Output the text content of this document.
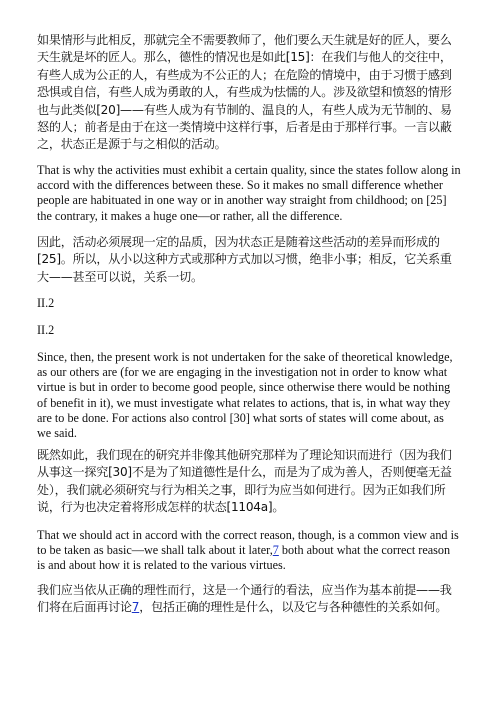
如果情形与此相反，那就完全不需要教师了，他们要么天生就是好的匠人，要么天生就是坏的匠人。那么，德性的情况也是如此[15]：在我们与他人的交往中，有些人成为公正的人，有些成为不公正的人；在危险的情境中，由于习惯于感到恐惧或自信，有些人成为勇敢的人，有些成为怯懦的人。涉及欲望和愤怒的情形也与此类似[20]——有些人成为有节制的、温良的人，有些人成为无节制的、易怒的人；前者是由于在这一类情境中这样行事，后者是由于那样行事。一言以蔽之，状态正是源于与之相似的活动。

That is why the activities must exhibit a certain quality, since the states follow along in accord with the differences between these. So it makes no small difference whether people are habituated in one way or in another way straight from childhood; on [25] the contrary, it makes a huge one—or rather, all the difference.

因此，活动必须展现一定的品质，因为状态正是随着这些活动的差异而形成的[25]。所以，从小以这种方式或那种方式加以习惯，绝非小事；相反，它关系重大——甚至可以说，关系一切。

II.2

II.2

Since, then, the present work is not undertaken for the sake of theoretical knowledge, as our others are (for we are engaging in the investigation not in order to know what virtue is but in order to become good people, since otherwise there would be nothing of benefit in it), we must investigate what relates to actions, that is, in what way they are to be done. For actions also control [30] what sorts of states will come about, as we said.

既然如此，我们现在的研究并非像其他研究那样为了理论知识而进行（因为我们从事这一探究[30]不是为了知道德性是什么，而是为了成为善人，否则便毫无益处），我们就必须研究与行为相关之事，即行为应当如何进行。因为正如我们所说，行为也决定着将形成怎样的状态[1104a]。

That we should act in accord with the correct reason, though, is a common view and is to be taken as basic—we shall talk about it later,7 both about what the correct reason is and about how it is related to the various virtues.

我们应当依从正确的理性而行，这是一个通行的看法，应当作为基本前提——我们将在后面再讨论7，包括正确的理性是什么，以及它与各种德性的关系如何。
